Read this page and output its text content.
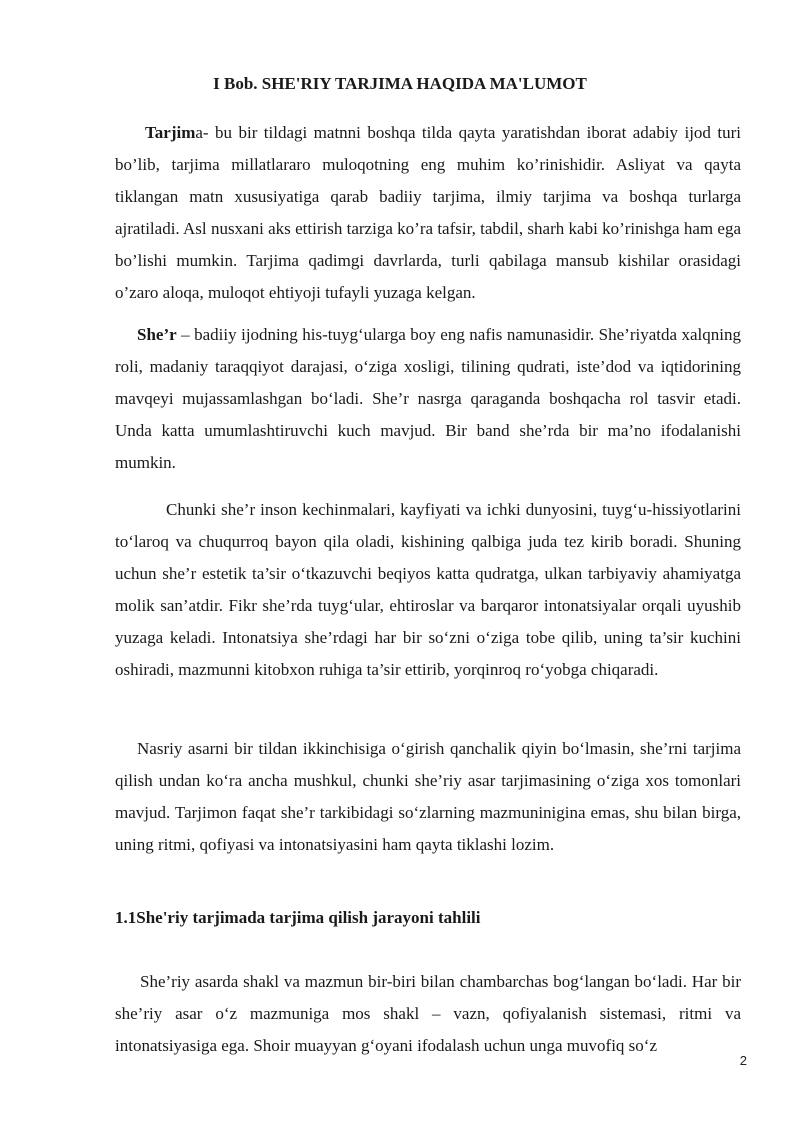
I Bob. SHE'RIY TARJIMA HAQIDA MA'LUMOT

Tarjima- bu bir tildagi matnni boshqa tilda qayta yaratishdan iborat adabiy ijod turi bo’lib, tarjima millatlararo muloqotning eng muhim ko’rinishidir. Asliyat va qayta tiklangan matn xususiyatiga qarab badiiy tarjima, ilmiy tarjima va boshqa turlarga ajratiladi. Asl nusxani aks ettirish tarziga ko’ra tafsir, tabdil, sharh kabi ko’rinishga ham ega bo’lishi mumkin. Tarjima qadimgi davrlarda, turli qabilaga mansub kishilar orasidagi o’zaro aloqa, muloqot ehtiyoji tufayli yuzaga kelgan.

She’r – badiiy ijodning his-tuyg‘ularga boy eng nafis namunasidir. She’riyatda xalqning roli, madaniy taraqqiyot darajasi, o‘ziga xosligi, tilining qudrati, iste’dod va iqtidorining mavqeyi mujassamlashgan bo‘ladi. She’r nasrga qaraganda boshqacha rol tasvir etadi. Unda katta umumlashtiruvchi kuch mavjud. Bir band she’rda bir ma’no ifodalanishi mumkin.

Chunki she’r inson kechinmalari, kayfiyati va ichki dunyosini, tuyg‘u-hissiyotlarini to‘laroq va chuqurroq bayon qila oladi, kishining qalbiga juda tez kirib boradi. Shuning uchun she’r estetik ta’sir o‘tkazuvchi beqiyos katta qudratga, ulkan tarbiyaviy ahamiyatga molik san’atdir. Fikr she’rda tuyg‘ular, ehtiroslar va barqaror intonatsiyalar orqali uyushib yuzaga keladi. Intonatsiya she’rdagi har bir so‘zni o‘ziga tobe qilib, uning ta’sir kuchini oshiradi, mazmunni kitobxon ruhiga ta’sir ettirib, yorqinroq ro‘yobga chiqaradi.

Nasriy asarni bir tildan ikkinchisiga o‘girish qanchalik qiyin bo‘lmasin, she’rni tarjima qilish undan ko‘ra ancha mushkul, chunki she’riy asar tarjimasining o‘ziga xos tomonlari mavjud. Tarjimon faqat she’r tarkibidagi so‘zlarning mazmuninigina emas, shu bilan birga, uning ritmi, qofiyasi va intonatsiyasini ham qayta tiklashi lozim.

1.1She'riy tarjimada tarjima qilish jarayoni tahlili

She’riy asarda shakl va mazmun bir-biri bilan chambarchas bog‘langan bo‘ladi. Har bir she’riy asar o‘z mazmuniga mos shakl – vazn, qofiyalanish sistemasi, ritmi va intonatsiyasiga ega. Shoir muayyan g‘oyani ifodalash uchun unga muvofiq so‘z

2
